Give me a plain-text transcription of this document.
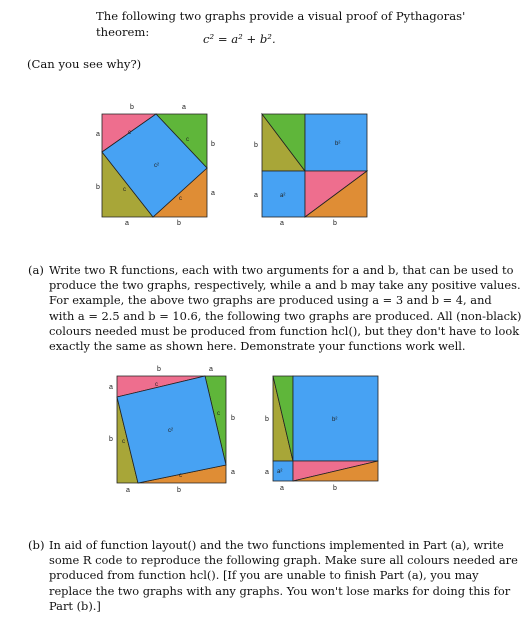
The following two graphs provide a visual proof of Pythagoras' theorem:
c² = a² + b².
(Can you see why?)
b	a
a
b
b
a
a	b
c
c
c
c
c²
b
a
a	b
b²
a²
(a) Write two R functions, each with two arguments for a and b, that can be used to
produce the two graphs, respectively, while a and b may take any positive values.
For example, the above two graphs are produced using a = 3 and b = 4, and
with a = 2.5 and b = 10.6, the following two graphs are produced. All (non-black)
colours needed must be produced from function hcl(), but they don't have to look
exactly the same as shown here. Demonstrate your functions work well.
b	a
a
b
b
a
a	b
c
c
c
c
c²
b
a
a	b
b²
a²
(b) In aid of function layout() and the two functions implemented in Part (a), write
some R code to reproduce the following graph. Make sure all colours needed are
produced from function hcl(). [If you are unable to finish Part (a), you may
replace the two graphs with any graphs. You won't lose marks for doing this for
Part (b).]
